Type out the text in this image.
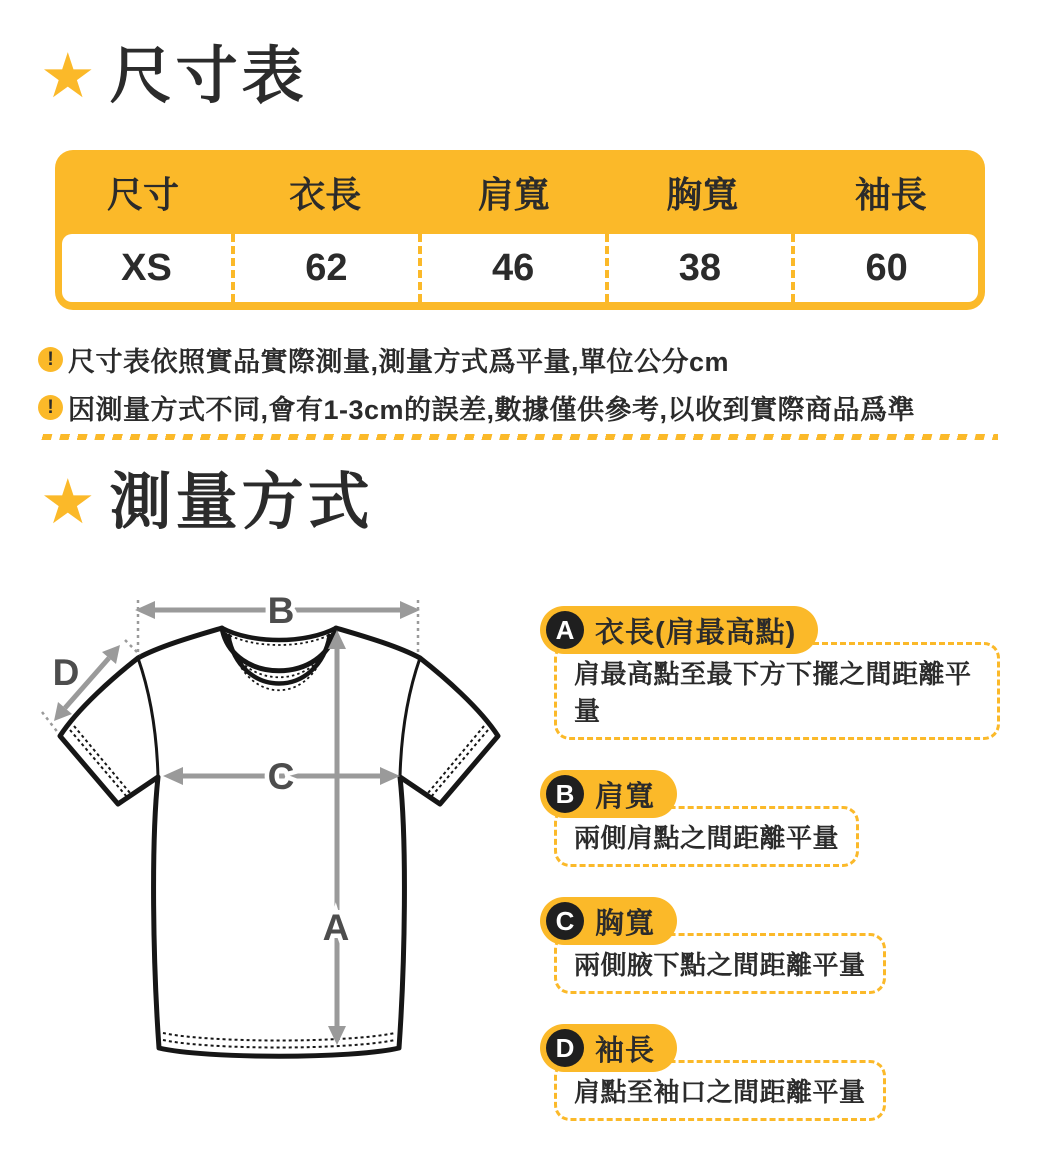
★ 尺寸表
尺寸	衣長	肩寬	胸寬	袖長
XS	62	46	38	60
! 尺寸表依照實品實際測量,測量方式爲平量,單位公分cm
! 因測量方式不同,會有1-3cm的誤差,數據僅供參考,以收到實際商品爲準
★ 測量方式
B
D
C
A
A 衣長(肩最高點)
肩最高點至最下方下擺之間距離平量
B 肩寬
兩側肩點之間距離平量
C 胸寬
兩側腋下點之間距離平量
D 袖長
肩點至袖口之間距離平量
